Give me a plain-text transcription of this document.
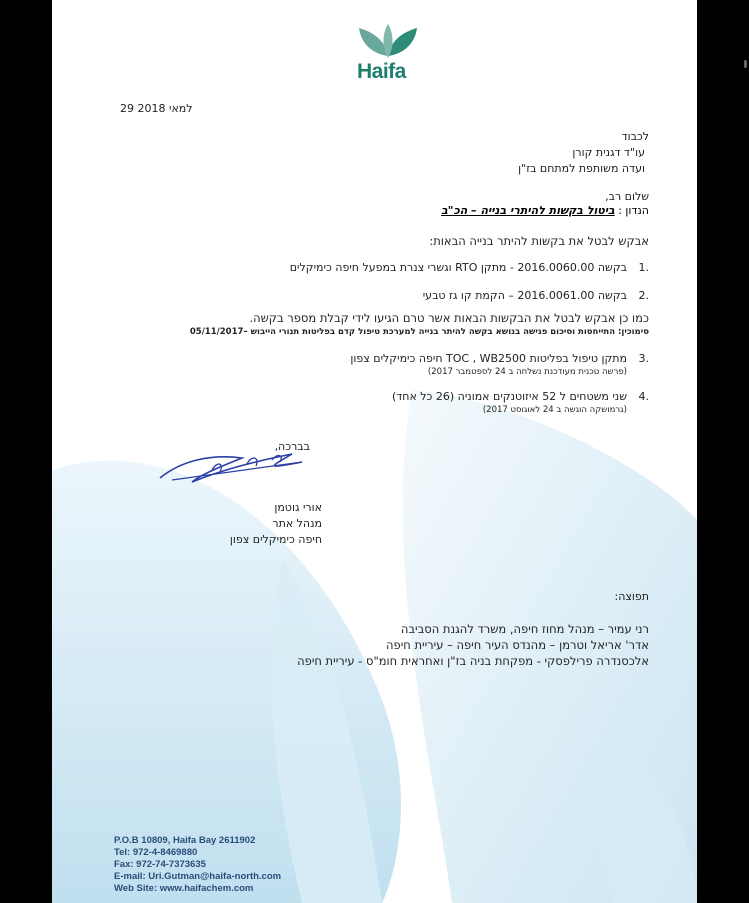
Haifa
29 למאי 2018
לכבוד
עו"ד דגנית קורן
ועדה משותפת למתחם בז"ן
שלום רב,
הנדון : ביטול בקשות להיתרי בנייה – הכ"ב
אבקש לבטל את בקשות להיתר בנייה הבאות:
1.
בקשה 2016.0060.00 - מתקן RTO וגשרי צנרת במפעל חיפה כימיקלים
2.
בקשה 2016.0061.00 – הקמת קו גז טבעי
כמו כן אבקש לבטל את הבקשות הבאות אשר טרם הגיעו לידי קבלת מספר בקשה.
סימוכין: התייחסות וסיכום פגישה בנושא בקשה להיתר בנייה למערכת טיפול קדם בפליטות תנורי הייבוש –05/11/2017
3.
מתקן טיפול בפליטות TOC , WB2500 חיפה כימיקלים צפון
(פרשה טכנית מעודכנת נשלחה ב 24 לספטמבר 2017)
4.
שני משטחים ל 52 איזוטנקים אמוניה (26 כל אחד)
(גרמושקה הוגשה ב 24 לאוגוסט 2017)
בברכה,
אורי גוטמן
מנהל אתר
חיפה כימיקלים צפון
תפוצה:
רני עמיר – מנהל מחוז חיפה, משרד להגנת הסביבה
אדר' אריאל וטרמן – מהנדס העיר חיפה – עיריית חיפה
אלכסנדרה פרילפסקי - מפקחת בניה בז"ן ואחראית חומ"ס - עיריית חיפה
P.O.B 10809, Haifa Bay 2611902
Tel: 972-4-8469880
Fax: 972-74-7373635
E-mail: Uri.Gutman@haifa-north.com
Web Site: www.haifachem.com
